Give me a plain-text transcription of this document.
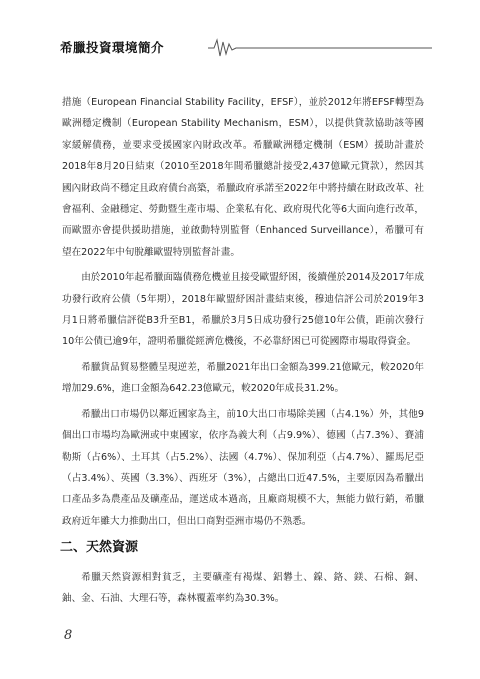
希臘投資環境簡介

措施（European Financial Stability Facility，EFSF），並於2012年將EFSF轉型為歐洲穩定機制（European Stability Mechanism，ESM），以提供貸款協助該等國家緩解債務，並要求受援國家內財政改革。希臘歐洲穩定機制（ESM）援助計畫於2018年8月20日結束（2010至2018年間希臘總計接受2,437億歐元貸款），然因其國內財政尚不穩定且政府債台高築，希臘政府承諾至2022年中將持續在財政改革、社會福利、金融穩定、勞動暨生產市場、企業私有化、政府現代化等6大面向進行改革，而歐盟亦會提供援助措施，並啟動特別監督（Enhanced Surveillance），希臘可有望在2022年中旬脫離歐盟特別監督計畫。

由於2010年起希臘面臨債務危機並且接受歐盟紓困，後續僅於2014及2017年成功發行政府公債（5年期），2018年歐盟紓困計畫結束後，穆迪信評公司於2019年3月1日將希臘信評從B3升至B1，希臘於3月5日成功發行25億10年公債，距前次發行10年公債已逾9年，證明希臘從經濟危機後，不必靠紓困已可從國際市場取得資金。

希臘貨品貿易整體呈現逆差，希臘2021年出口金額為399.21億歐元，較2020年增加29.6%，進口金額為642.23億歐元，較2020年成長31.2%。

希臘出口市場仍以鄰近國家為主，前10大出口市場除美國（占4.1%）外，其他9個出口市場均為歐洲或中東國家，依序為義大利（占9.9%）、德國（占7.3%）、賽浦勒斯（占6%）、土耳其（占5.2%）、法國（4.7%）、保加利亞（占4.7%）、羅馬尼亞（占3.4%）、英國（3.3%）、西班牙（3%），占總出口近47.5%，主要原因為希臘出口產品多為農產品及礦產品，運送成本過高，且廠商規模不大，無能力做行銷，希臘政府近年雖大力推動出口，但出口商對亞洲市場仍不熟悉。

二、天然資源

希臘天然資源相對貧乏，主要礦產有褐煤、鋁礬土、鎳、鉻、鎂、石棉、銅、鈾、金、石油、大理石等，森林覆蓋率約為30.3%。

8
